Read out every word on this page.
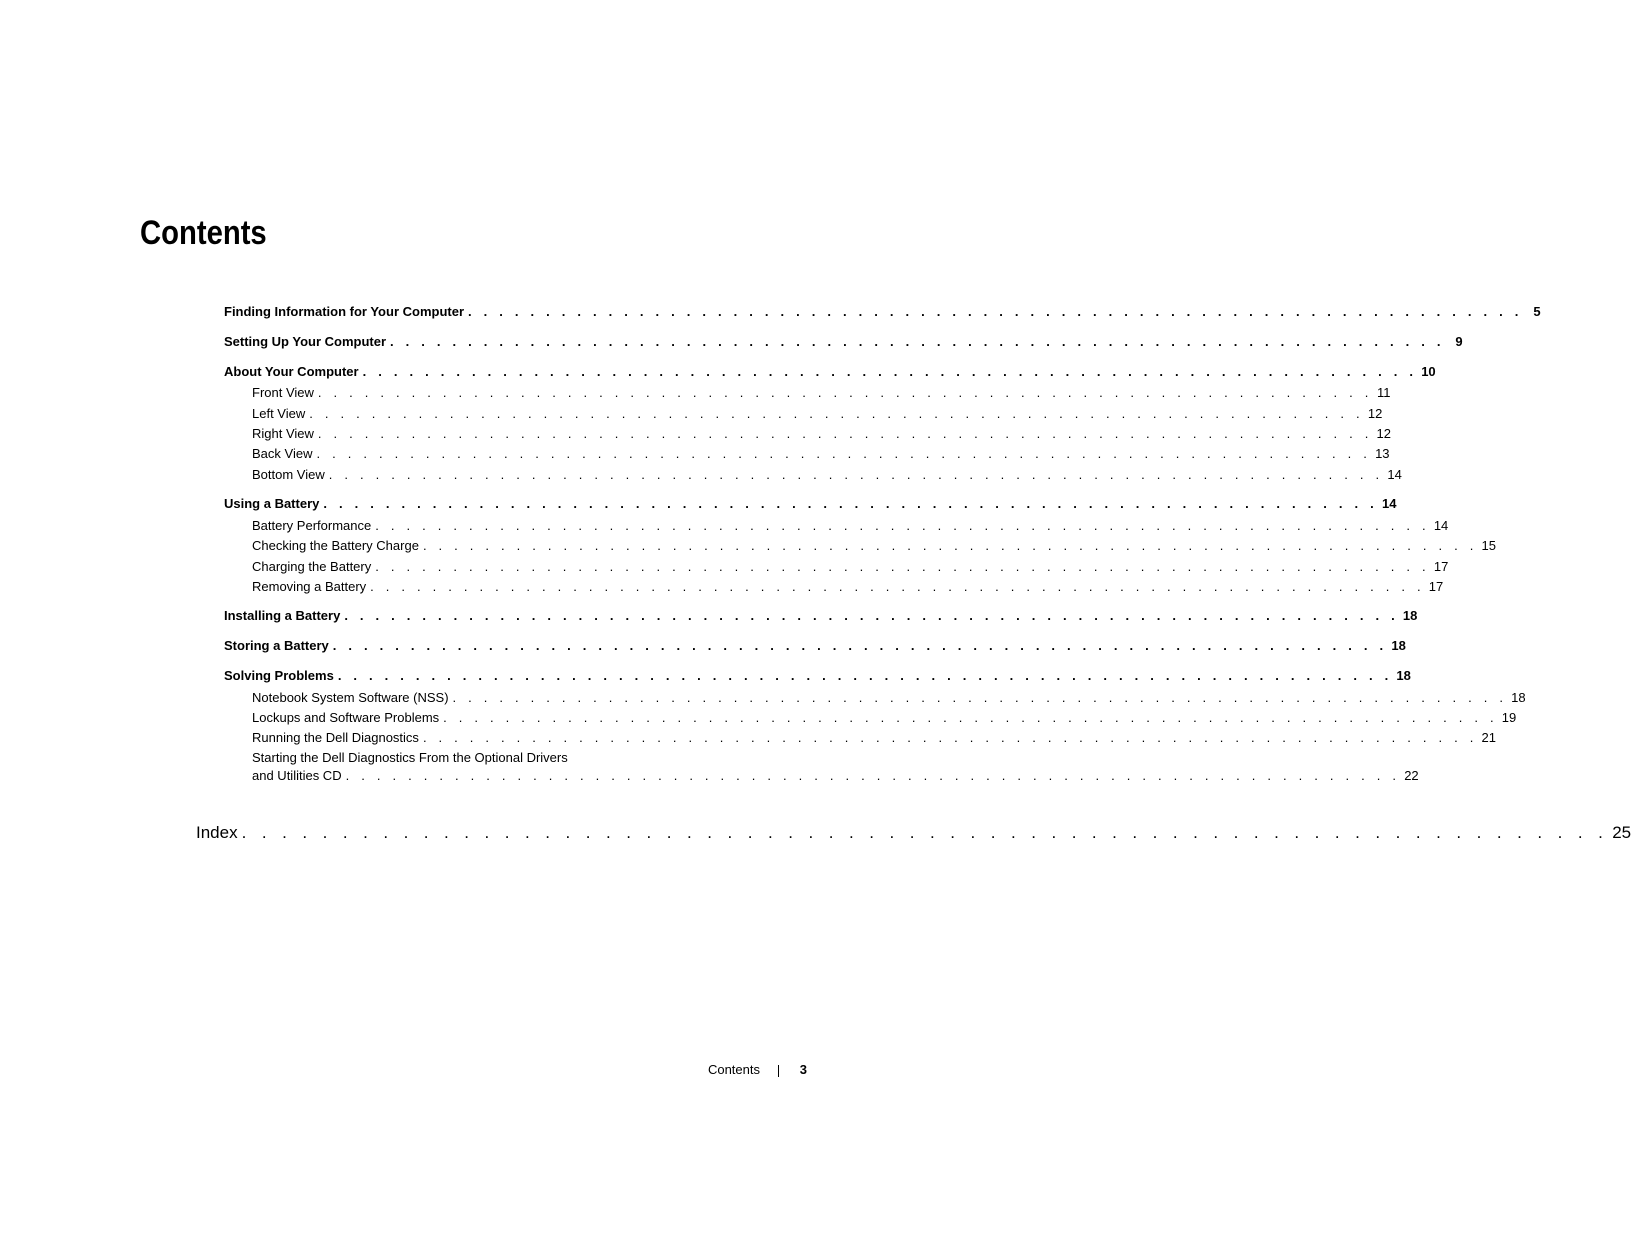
Contents
Finding Information for Your Computer . . . . . . . . . . . . . . . . . . . . . . . . . . . . . . . . . . . . . . . . . . . . . . . . . . . . . . . . . . . . . . . . . . . . 5
Setting Up Your Computer . . . . . . . . . . . . . . . . . . . . . . . . . . . . . . . . . . . . . . . . . . . . . . . . . . . . . . . . . . . . . . . . . . . . 9
About Your Computer . . . . . . . . . . . . . . . . . . . . . . . . . . . . . . . . . . . . . . . . . . . . . . . . . . . . . . . . . . . . . . . . . . . . 10
Front View . . . . . . . . . . . . . . . . . . . . . . . . . . . . . . . . . . . . . . . . . . . . . . . . . . . . . . . . . . . . . . . . . . . . 11
Left View . . . . . . . . . . . . . . . . . . . . . . . . . . . . . . . . . . . . . . . . . . . . . . . . . . . . . . . . . . . . . . . . . . . . 12
Right View . . . . . . . . . . . . . . . . . . . . . . . . . . . . . . . . . . . . . . . . . . . . . . . . . . . . . . . . . . . . . . . . . . . . 12
Back View . . . . . . . . . . . . . . . . . . . . . . . . . . . . . . . . . . . . . . . . . . . . . . . . . . . . . . . . . . . . . . . . . . . . 13
Bottom View . . . . . . . . . . . . . . . . . . . . . . . . . . . . . . . . . . . . . . . . . . . . . . . . . . . . . . . . . . . . . . . . . . . . 14
Using a Battery . . . . . . . . . . . . . . . . . . . . . . . . . . . . . . . . . . . . . . . . . . . . . . . . . . . . . . . . . . . . . . . . . . . . 14
Battery Performance . . . . . . . . . . . . . . . . . . . . . . . . . . . . . . . . . . . . . . . . . . . . . . . . . . . . . . . . . . . . . . . . . . . . 14
Checking the Battery Charge . . . . . . . . . . . . . . . . . . . . . . . . . . . . . . . . . . . . . . . . . . . . . . . . . . . . . . . . . . . . . . . . . . . . 15
Charging the Battery . . . . . . . . . . . . . . . . . . . . . . . . . . . . . . . . . . . . . . . . . . . . . . . . . . . . . . . . . . . . . . . . . . . . 17
Removing a Battery . . . . . . . . . . . . . . . . . . . . . . . . . . . . . . . . . . . . . . . . . . . . . . . . . . . . . . . . . . . . . . . . . . . . 17
Installing a Battery . . . . . . . . . . . . . . . . . . . . . . . . . . . . . . . . . . . . . . . . . . . . . . . . . . . . . . . . . . . . . . . . . . . . 18
Storing a Battery . . . . . . . . . . . . . . . . . . . . . . . . . . . . . . . . . . . . . . . . . . . . . . . . . . . . . . . . . . . . . . . . . . . . 18
Solving Problems . . . . . . . . . . . . . . . . . . . . . . . . . . . . . . . . . . . . . . . . . . . . . . . . . . . . . . . . . . . . . . . . . . . . 18
Notebook System Software (NSS) . . . . . . . . . . . . . . . . . . . . . . . . . . . . . . . . . . . . . . . . . . . . . . . . . . . . . . . . . . . . . . . . . . . . 18
Lockups and Software Problems . . . . . . . . . . . . . . . . . . . . . . . . . . . . . . . . . . . . . . . . . . . . . . . . . . . . . . . . . . . . . . . . . . . . 19
Running the Dell Diagnostics . . . . . . . . . . . . . . . . . . . . . . . . . . . . . . . . . . . . . . . . . . . . . . . . . . . . . . . . . . . . . . . . . . . . 21
Starting the Dell Diagnostics From the Optional Drivers
and Utilities CD . . . . . . . . . . . . . . . . . . . . . . . . . . . . . . . . . . . . . . . . . . . . . . . . . . . . . . . . . . . . . . . . . . . . 22
Index . . . . . . . . . . . . . . . . . . . . . . . . . . . . . . . . . . . . . . . . . . . . . . . . . . . . . . . . . . . . . . . . . . . . 25
Contents	3
